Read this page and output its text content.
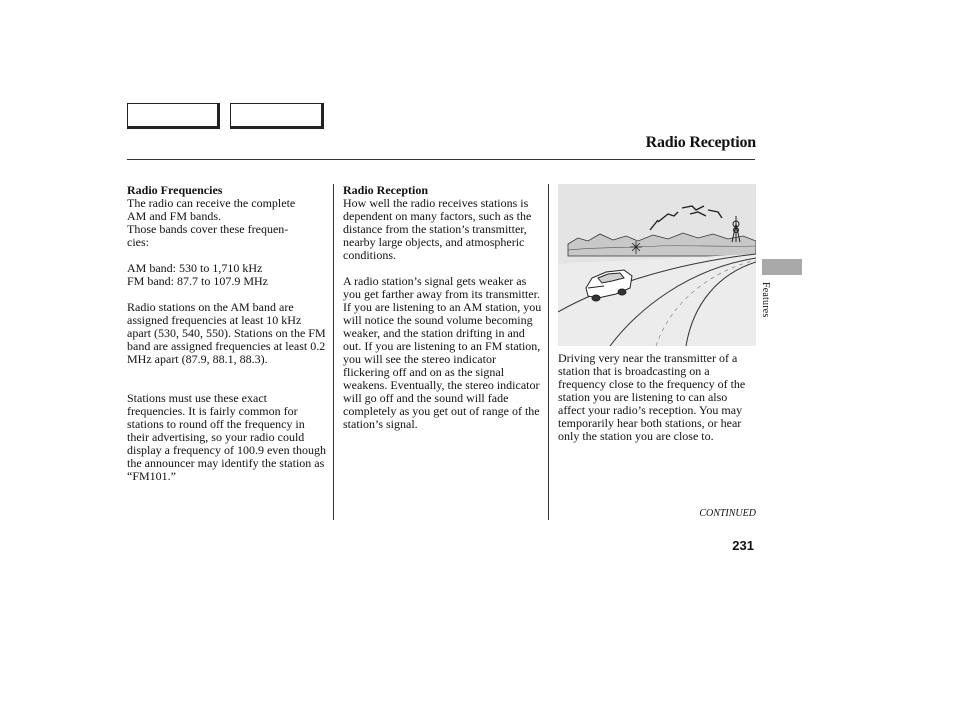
Radio Reception

Radio Frequencies

The radio can receive the complete

AM and FM bands.

Those bands cover these frequen-

cies:

AM band: 530 to 1,710 kHz

FM band: 87.7 to 107.9 MHz

Radio stations on the AM band are assigned frequencies at least 10 kHz apart (530, 540, 550). Stations on the FM band are assigned frequencies at least 0.2 MHz apart (87.9, 88.1, 88.3).

Stations must use these exact frequencies. It is fairly common for stations to round off the frequency in their advertising, so your radio could display a frequency of 100.9 even though the announcer may identify the station as “FM101.”

Radio Reception

How well the radio receives stations is dependent on many factors, such as the distance from the station’s transmitter, nearby large objects, and atmospheric conditions.

A radio station’s signal gets weaker as you get farther away from its transmitter. If you are listening to an AM station, you will notice the sound volume becoming weaker, and the station drifting in and out. If you are listening to an FM station, you will see the stereo indicator flickering off and on as the signal weakens. Eventually, the stereo indicator will go off and the sound will fade completely as you get out of range of the station’s signal.

Driving very near the transmitter of a station that is broadcasting on a frequency close to the frequency of the station you are listening to can also affect your radio’s reception. You may temporarily hear both stations, or hear only the station you are close to.

Features
CONTINUED
231
